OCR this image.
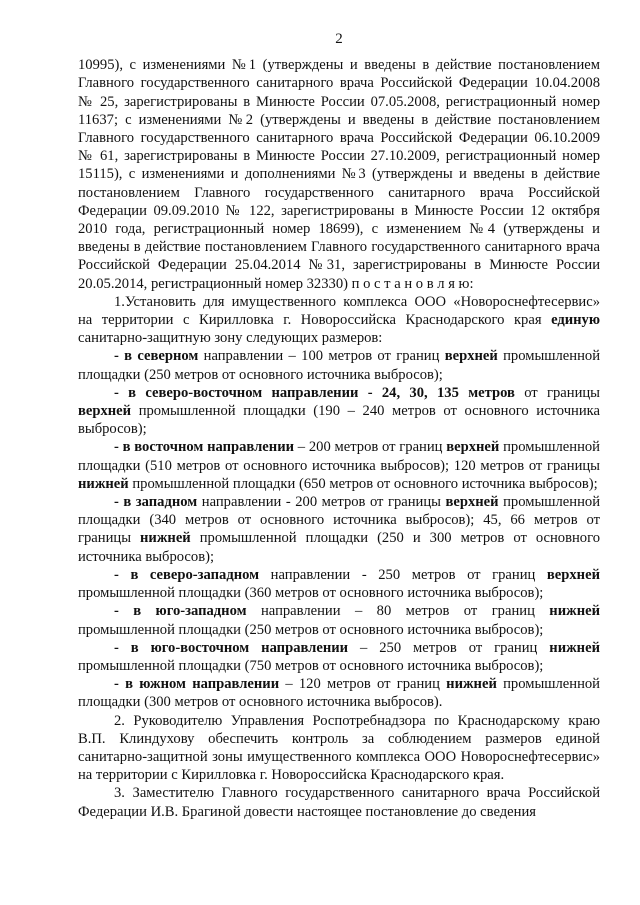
2

10995), с изменениями №1 (утверждены и введены в действие постановлением Главного государственного санитарного врача Российской Федерации 10.04.2008 № 25, зарегистрированы в Минюсте России 07.05.2008, регистрационный номер 11637; с изменениями №2 (утверждены и введены в действие постановлением Главного государственного санитарного врача Российской Федерации 06.10.2009 № 61, зарегистрированы в Минюсте России 27.10.2009, регистрационный номер 15115), с изменениями и дополнениями №3 (утверждены и введены в действие постановлением Главного государственного санитарного врача Российской Федерации 09.09.2010 № 122, зарегистрированы в Минюсте России 12 октября 2010 года, регистрационный номер 18699), с изменением №4 (утверждены и введены в действие постановлением Главного государственного санитарного врача Российской Федерации 25.04.2014 №31, зарегистрированы в Минюсте России 20.05.2014, регистрационный номер 32330) п о с т а н о в л я ю:

1.Установить для имущественного комплекса ООО «Новороснефтесервис» на территории с Кирилловка г. Новороссийска Краснодарского края единую санитарно-защитную зону следующих размеров:

- в северном направлении – 100 метров от границ верхней промышленной площадки (250 метров от основного источника выбросов);

- в северо-восточном направлении - 24, 30, 135 метров от границы верхней промышленной площадки (190 – 240 метров от основного источника выбросов);

- в восточном направлении – 200 метров от границ верхней промышленной площадки (510 метров от основного источника выбросов); 120 метров от границы нижней промышленной площадки (650 метров от основного источника выбросов);

- в западном направлении - 200 метров от границы верхней промышленной площадки (340 метров от основного источника выбросов); 45, 66 метров от границы нижней промышленной площадки (250 и 300 метров от основного источника выбросов);

- в северо-западном направлении - 250 метров от границ верхней промышленной площадки (360 метров от основного источника выбросов);

- в юго-западном направлении – 80 метров от границ нижней промышленной площадки (250 метров от основного источника выбросов);

- в юго-восточном направлении – 250 метров от границ нижней промышленной площадки (750 метров от основного источника выбросов);

- в южном направлении – 120 метров от границ нижней промышленной площадки (300 метров от основного источника выбросов).

2. Руководителю Управления Роспотребнадзора по Краснодарскому краю В.П. Клиндухову обеспечить контроль за соблюдением размеров единой санитарно-защитной зоны имущественного комплекса ООО Новороснефтесервис» на территории с Кирилловка г. Новороссийска Краснодарского края.

3. Заместителю Главного государственного санитарного врача Российской Федерации И.В. Брагиной довести настоящее постановление до сведения
